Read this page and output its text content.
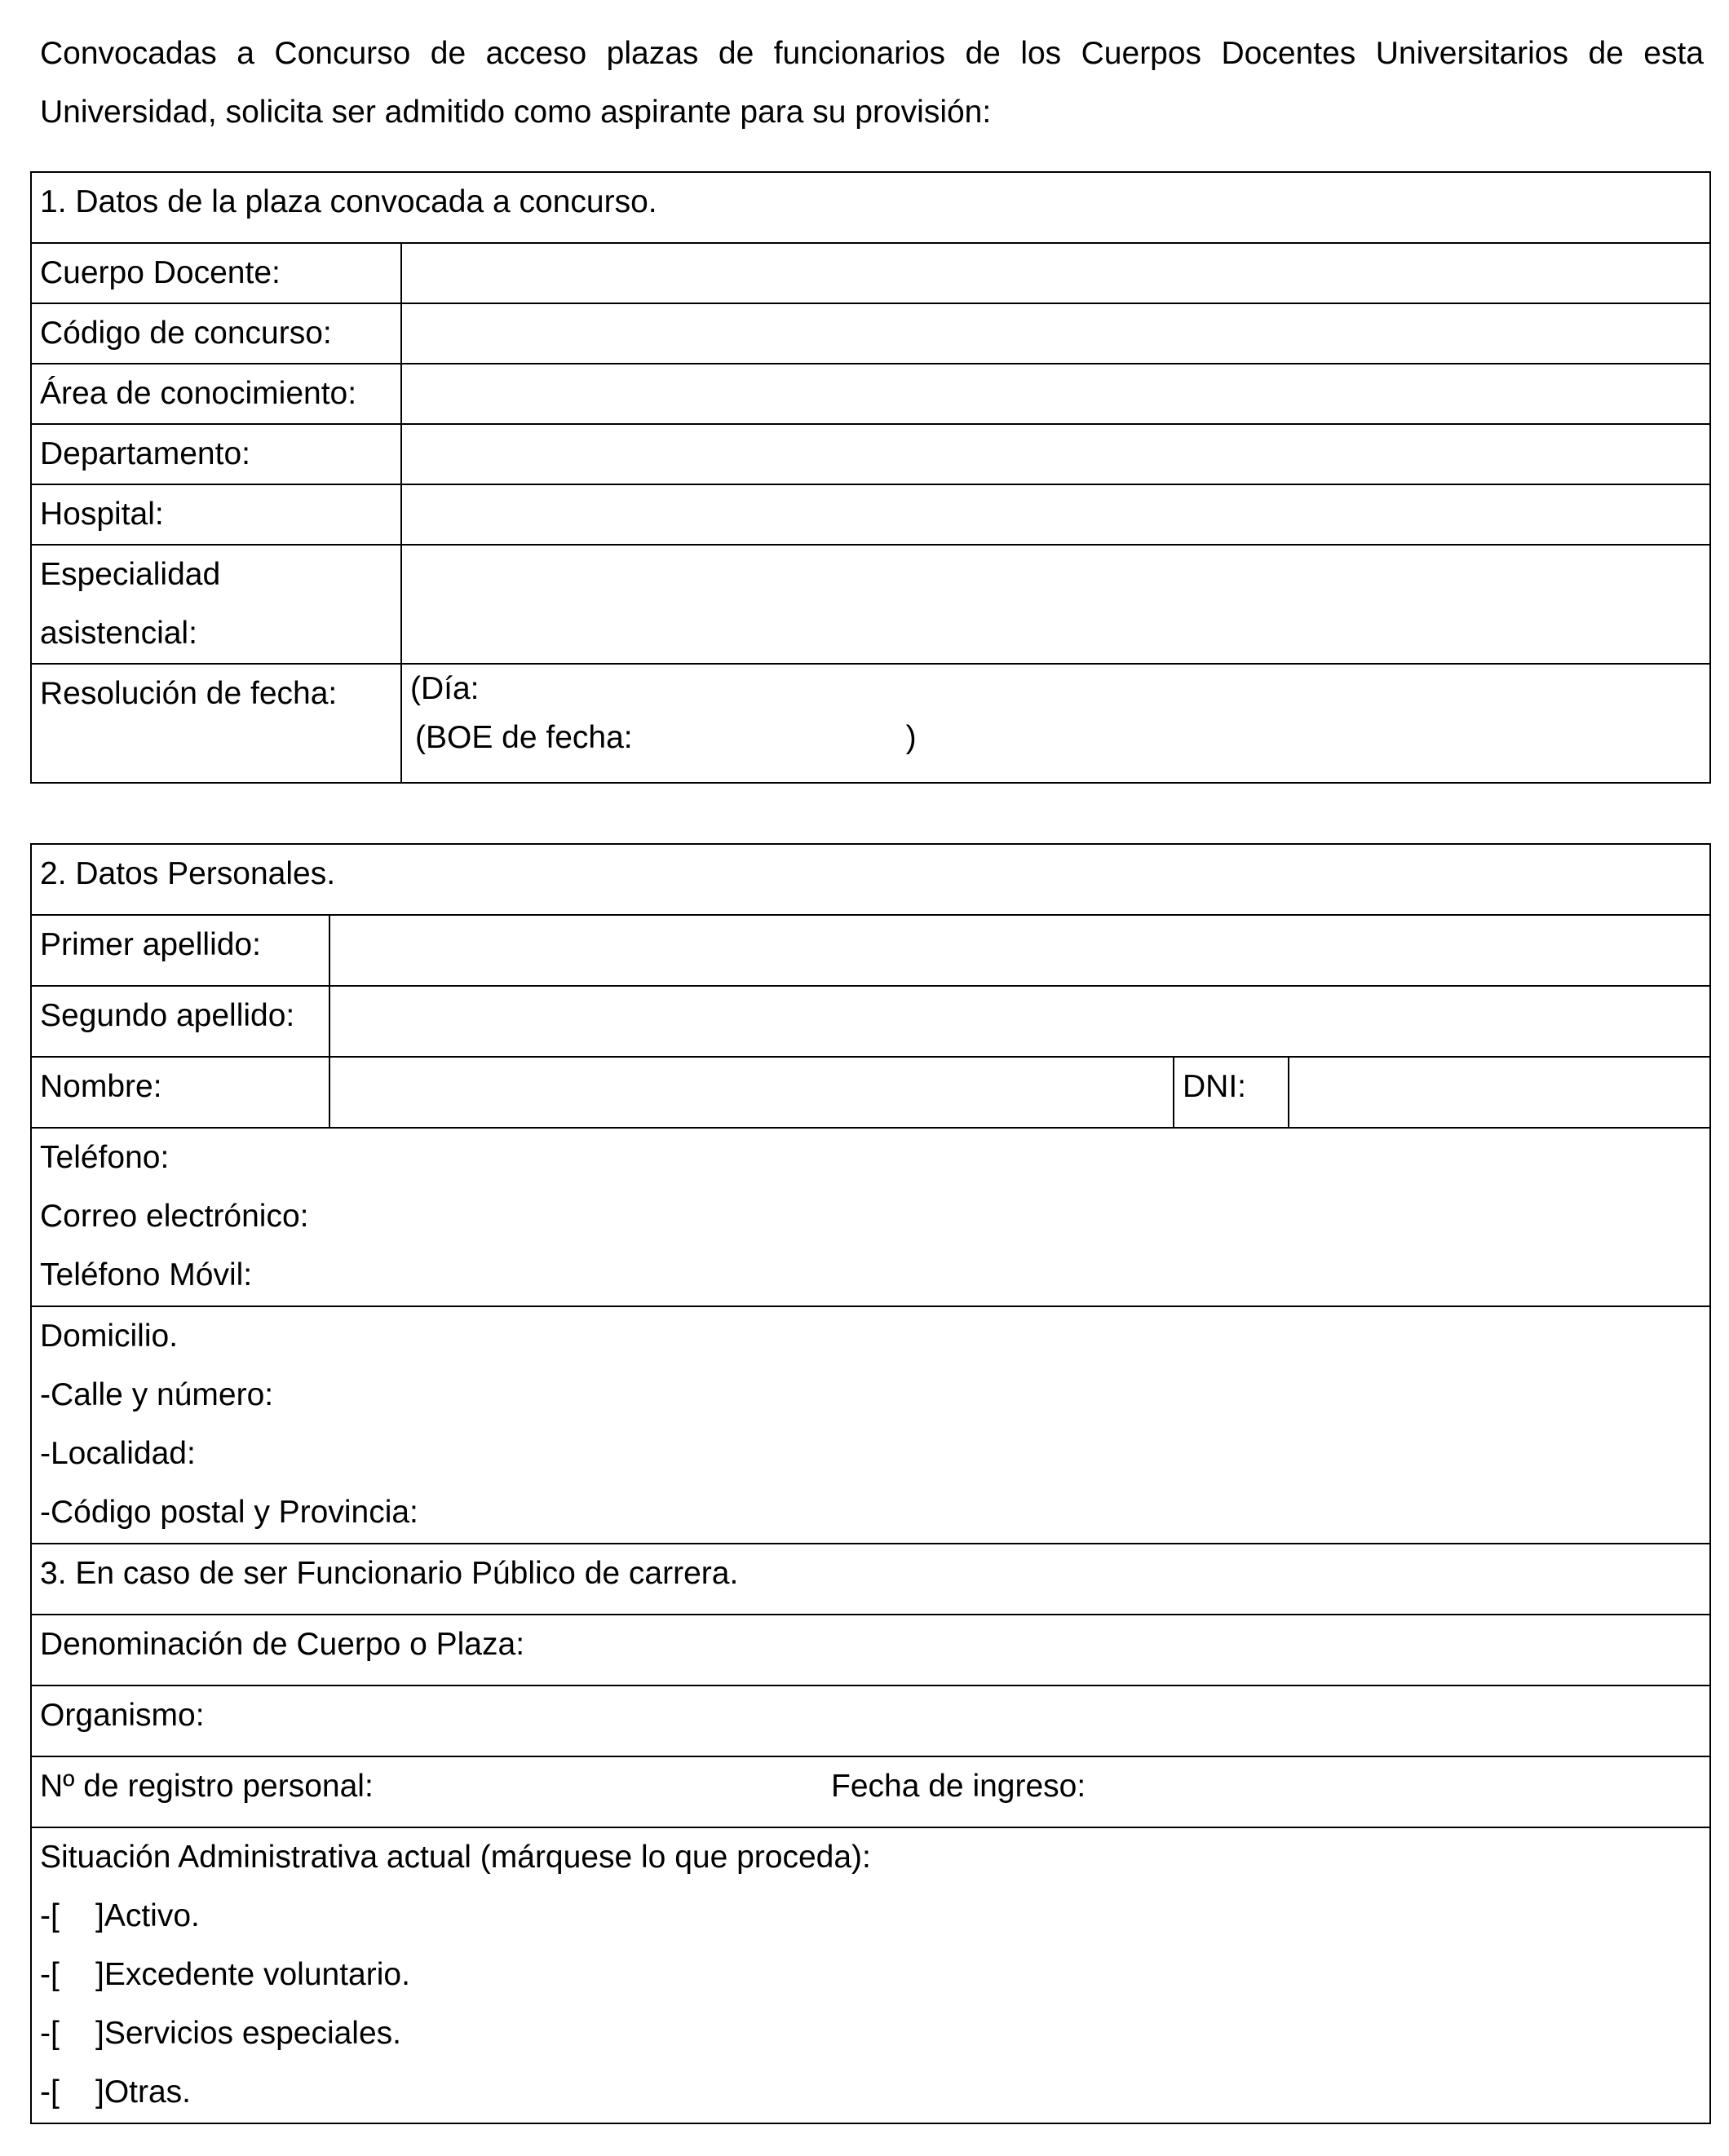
Convocadas a Concurso de acceso plazas de funcionarios de los Cuerpos Docentes Universitarios de esta Universidad, solicita ser admitido como aspirante para su provisión:

1. Datos de la plaza convocada a concurso.	
Cuerpo Docente:	
Código de concurso:	
Área de conocimiento:	
Departamento:	
Hospital:	

Especialidad
asistencial:	

Resolución de fecha:	(Día:
(BOE de fecha: )
2. Datos Personales.			
Primer apellido:			
Segundo apellido:			
Nombre:		DNI:	

Teléfono:
Correo electrónico:
Teléfono Móvil:			

Domicilio.
-Calle y número:
-Localidad:
-Código postal y Provincia:			

3. En caso de ser Funcionario Público de carrera.			
Denominación de Cuerpo o Plaza:			
Organismo:			
Nº de registro personal: Fecha de ingreso:			

Situación Administrativa actual (márquese lo que proceda):
-[ ]Activo.
-[ ]Excedente voluntario.
-[ ]Servicios especiales.
-[ ]Otras.			
